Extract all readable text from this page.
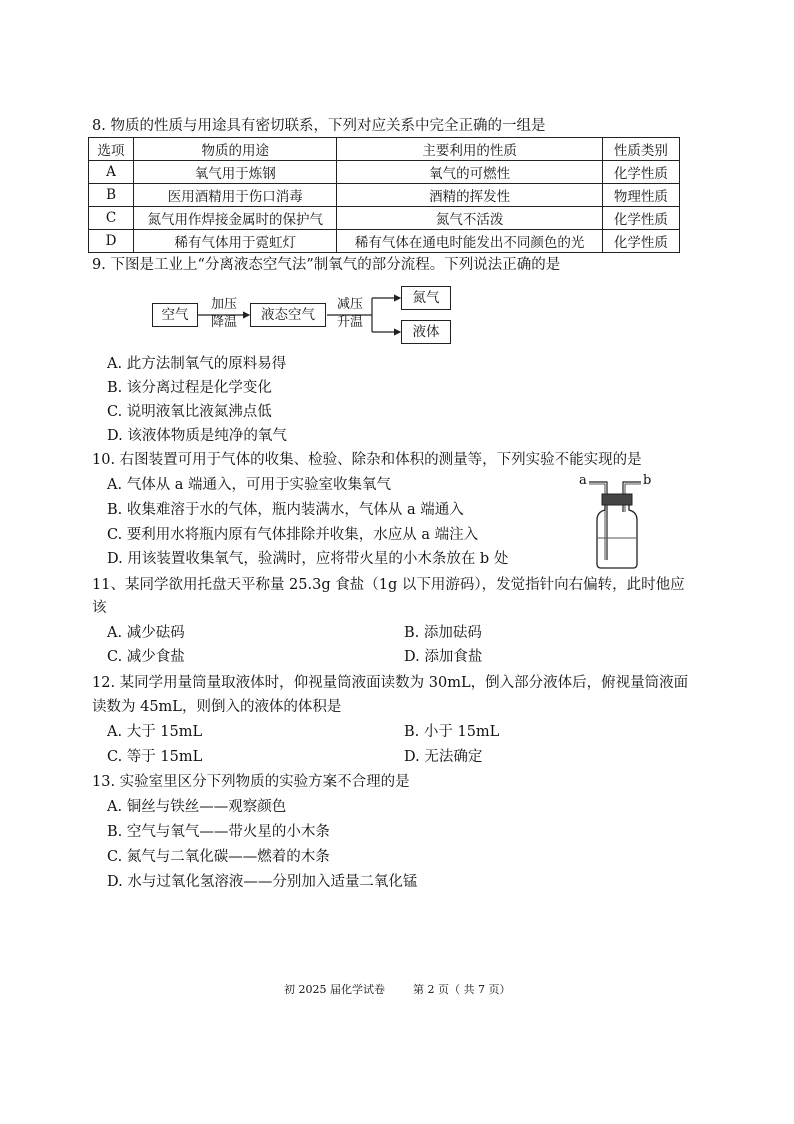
8. 物质的性质与用途具有密切联系，下列对应关系中完全正确的一组是
选项	物质的用途	主要利用的性质	性质类别
A	氧气用于炼钢	氧气的可燃性	化学性质
B	医用酒精用于伤口消毒	酒精的挥发性	物理性质
C	氮气用作焊接金属时的保护气	氮气不活泼	化学性质
D	稀有气体用于霓虹灯	稀有气体在通电时能发出不同颜色的光	化学性质
9. 下图是工业上“分离液态空气法”制氧气的部分流程。下列说法正确的是
空气
加压
降温	液态空气
减压
升温
氮气
液体
A. 此方法制氧气的原料易得
B. 该分离过程是化学变化
C. 说明液氧比液氮沸点低
D. 该液体物质是纯净的氧气
10. 右图装置可用于气体的收集、检验、除杂和体积的测量等，下列实验不能实现的是
A. 气体从 a 端通入，可用于实验室收集氧气
B. 收集难溶于水的气体，瓶内装满水，气体从 a 端通入
C. 要利用水将瓶内原有气体排除并收集，水应从 a 端注入
D. 用该装置收集氧气，验满时，应将带火星的小木条放在 b 处
a	b
11、某同学欲用托盘天平称量 25.3g 食盐（1g 以下用游码），发觉指针向右偏转，此时他应
该
A. 减少砝码	B. 添加砝码
C. 减少食盐	D. 添加食盐
12. 某同学用量筒量取液体时，仰视量筒液面读数为 30mL，倒入部分液体后，俯视量筒液面
读数为 45mL，则倒入的液体的体积是
A. 大于 15mL	B. 小于 15mL
C. 等于 15mL	D. 无法确定
13. 实验室里区分下列物质的实验方案不合理的是
A. 铜丝与铁丝——观察颜色
B. 空气与氧气——带火星的小木条
C. 氮气与二氧化碳——燃着的木条
D. 水与过氧化氢溶液——分别加入适量二氧化锰
初 2025 届化学试卷	第 2 页（ 共 7 页）
